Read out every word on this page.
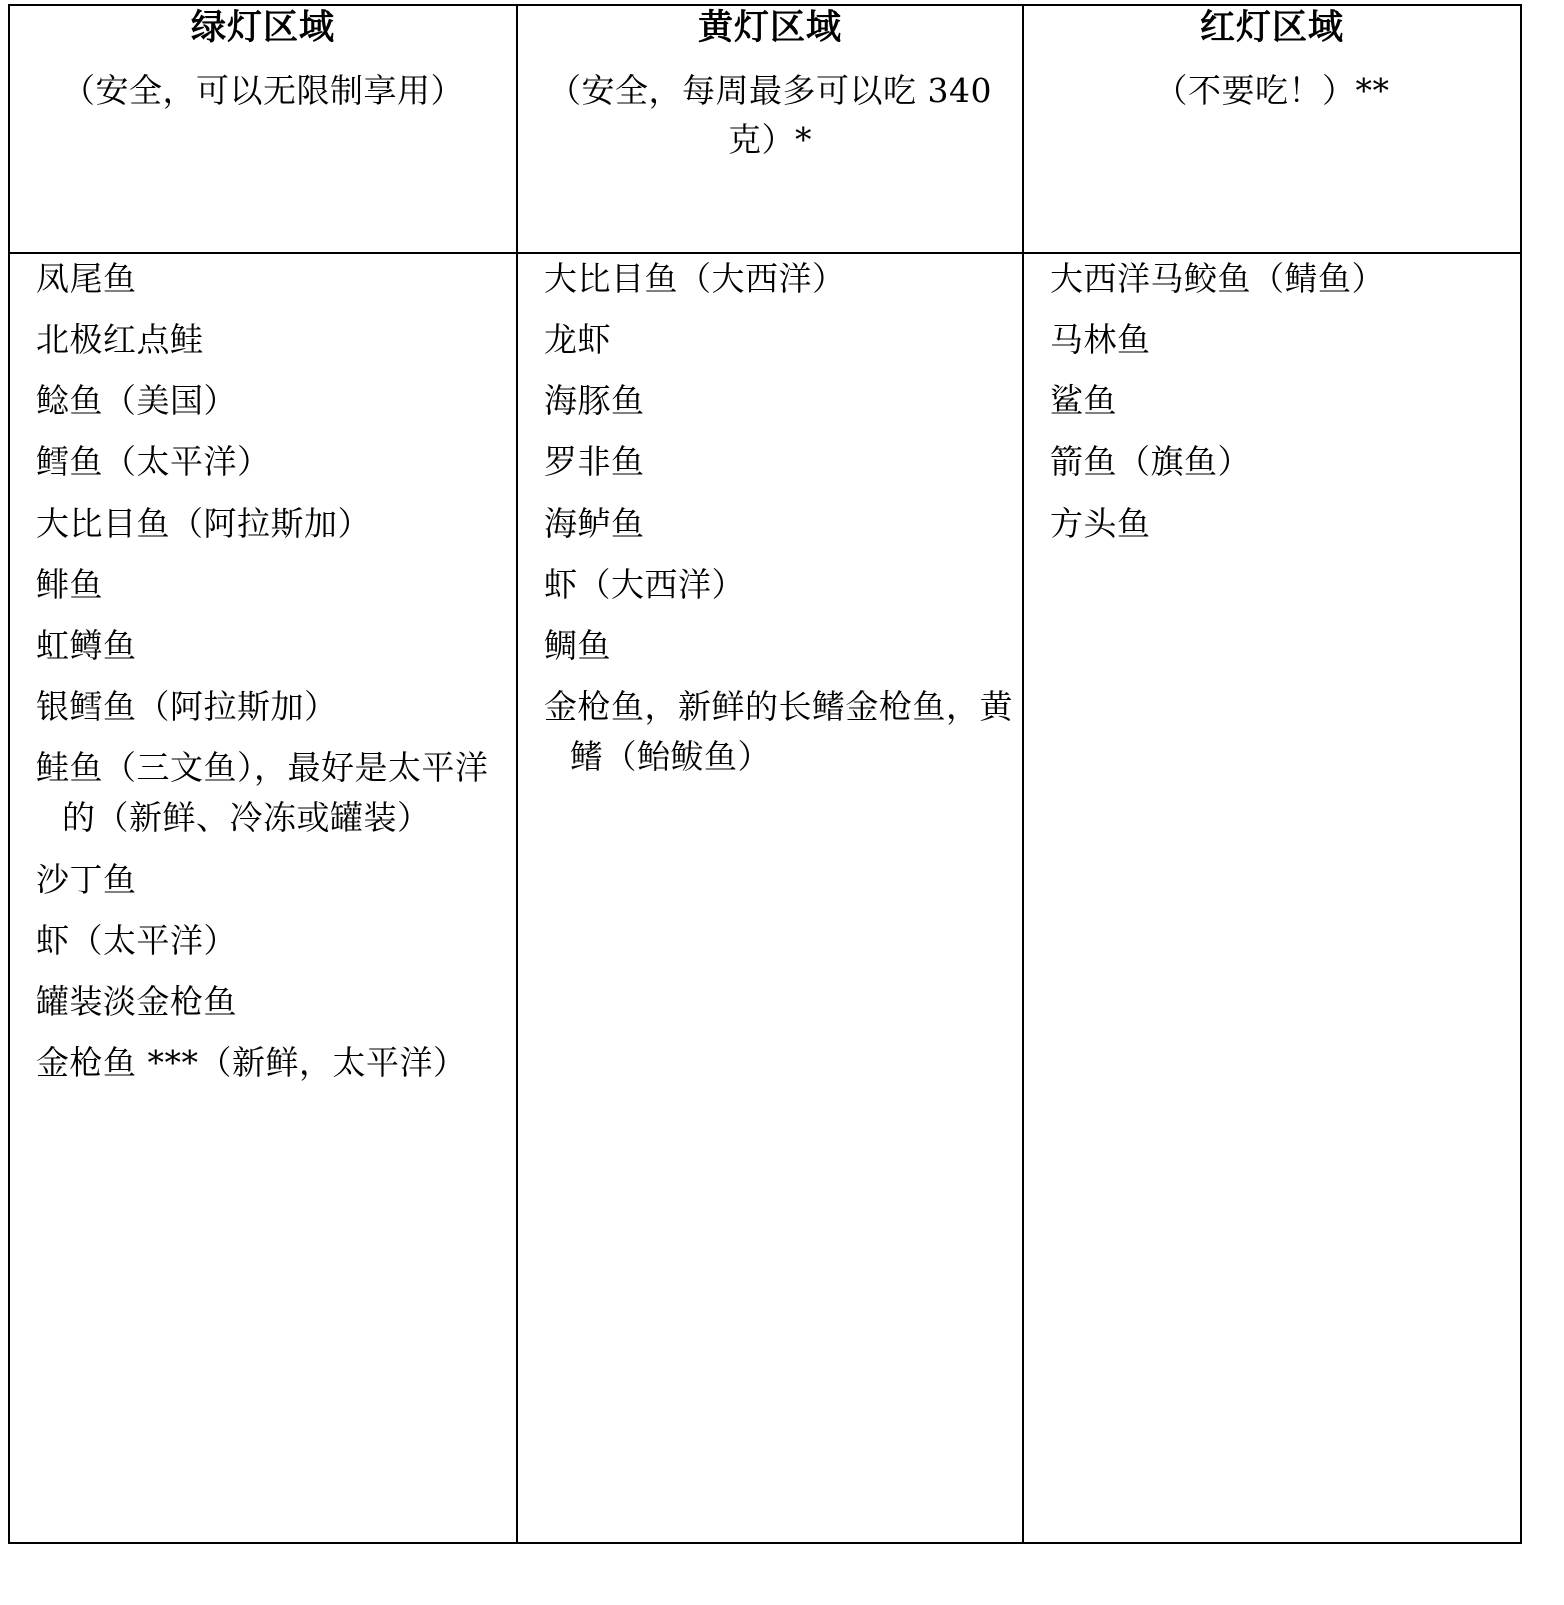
绿灯区域
（安全，可以无限制享用）

黄灯区域
（安全，每周最多可以吃 340 克）*

红灯区域
（不要吃！）**

凤尾鱼
北极红点鲑
鲶鱼（美国）
鳕鱼（太平洋）
大比目鱼（阿拉斯加）
鲱鱼
虹鳟鱼
银鳕鱼（阿拉斯加）
鲑鱼（三文鱼），最好是太平洋的（新鲜、冷冻或罐装）
沙丁鱼
虾（太平洋）
罐装淡金枪鱼
金枪鱼 ***（新鲜，太平洋）

大比目鱼（大西洋）
龙虾
海豚鱼
罗非鱼
海鲈鱼
虾（大西洋）
鲷鱼
金枪鱼，新鲜的长鳍金枪鱼，黄鳍（鲐鲅鱼）

大西洋马鲛鱼（鲭鱼）
马林鱼
鲨鱼
箭鱼（旗鱼）
方头鱼
